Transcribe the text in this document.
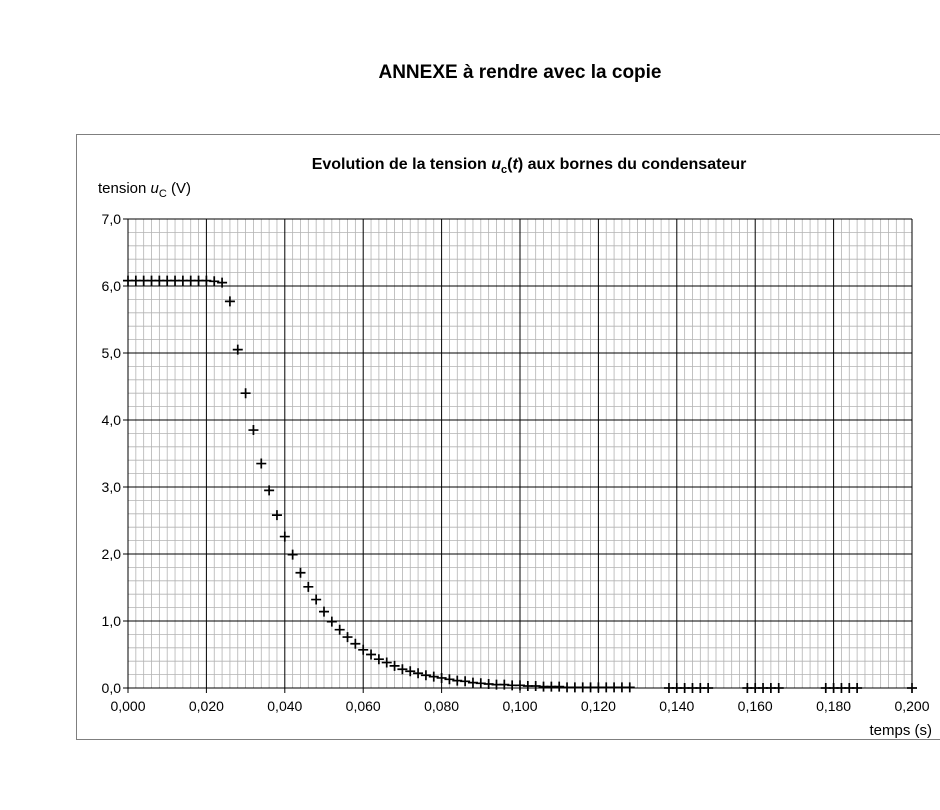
ANNEXE à rendre avec la copie
Evolution de la tension $u_c(t)$ aux bornes du condensateur
tension $u_C$ (V)
temps (s)
0,000	0,020	0,040	0,060	0,080	0,100	0,120	0,140	0,160	0,180	0,200
0,0
1,0
2,0
3,0
4,0
5,0
6,0
7,0
